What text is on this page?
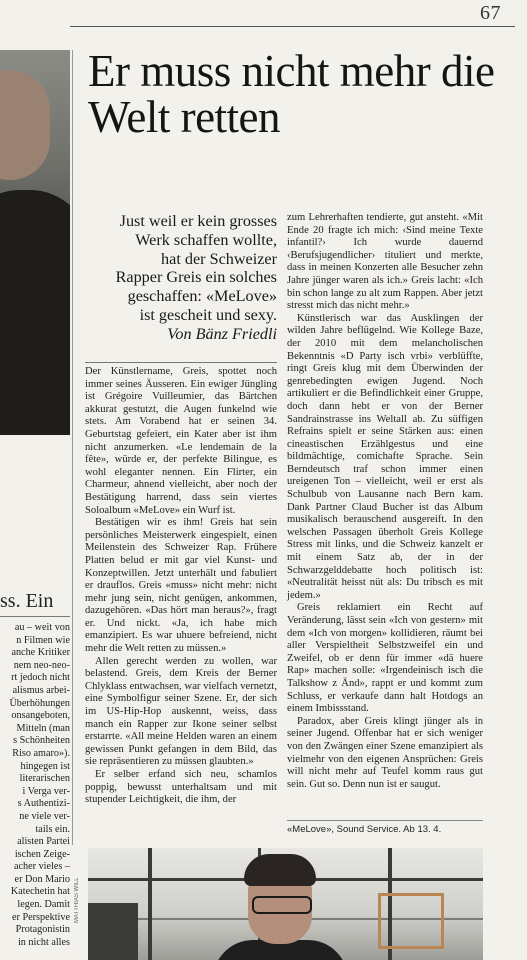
67
ss. Ein
au – weit von
n Filmen wie
anche Kritiker
nem neo-neo-
rt jedoch nicht
alismus arbei-
Überhöhungen
onsangeboten,
Mitteln (man
s Schönheiten
Riso amaro»).
hingegen ist
literarischen
i Verga ver-
s Authentizi-
ne viele ver-
tails ein.
alisten Partei
ischen Zeige-
acher vieles –
er Don Mario
Katechetin hat
legen. Damit
er Perspektive
Protagonistin
in nicht alles
Er muss nicht mehr die Welt retten
Just weil er kein grosses
Werk schaffen wollte,
hat der Schweizer
Rapper Greis ein solches
geschaffen: «MeLove»
ist gescheit und sexy.
Von Bänz Friedli

Der Künstlername, Greis, spottet noch immer seines Äusseren. Ein ewiger Jüngling ist Grégoire Vuilleumier, das Bärtchen akkurat gestutzt, die Augen funkelnd wie stets. Am Vorabend hat er seinen 34. Geburtstag gefeiert, ein Kater aber ist ihm nicht anzumerken. «Le lendemain de la fête», würde er, der perfekte Bilingue, es wohl eleganter nennen. Ein Flirter, ein Charmeur, ahnend vielleicht, aber noch der Bestätigung harrend, dass sein viertes Soloalbum «MeLove» ein Wurf ist.

Bestätigen wir es ihm! Greis hat sein persönliches Meisterwerk eingespielt, einen Meilenstein des Schweizer Rap. Frühere Platten belud er mit gar viel Kunst- und Konzeptwillen. Jetzt unterhält und fabuliert er drauflos. Greis «muss» nicht mehr: nicht mehr jung sein, nicht genügen, ankommen, dazugehören. «Das hört man heraus?», fragt er. Und nickt. «Ja, ich habe mich emanzipiert. Es war uhuere befreiend, nicht mehr die Welt retten zu müssen.»

Allen gerecht werden zu wollen, war belastend. Greis, dem Kreis der Berner Chlyklass entwachsen, war vielfach vernetzt, eine Symbolfigur seiner Szene. Er, der sich im US-Hip-Hop auskennt, weiss, dass manch ein Rapper zur Ikone seiner selbst erstarrte. «All meine Helden waren an einem gewissen Punkt gefangen in dem Bild, das sie repräsentieren zu müssen glaubten.»

Er selber erfand sich neu, schamlos poppig, bewusst unterhaltsam und mit stupender Leichtigkeit, die ihm, der

zum Lehrerhaften tendierte, gut ansteht. «Mit Ende 20 fragte ich mich: ‹Sind meine Texte infantil?› Ich wurde dauernd ‹Berufsjugendlicher› tituliert und merkte, dass in meinen Konzerten alle Besucher zehn Jahre jünger waren als ich.» Greis lacht: «Ich bin schon lange zu alt zum Rappen. Aber jetzt stresst mich das nicht mehr.»

Künstlerisch war das Ausklingen der wilden Jahre beflügelnd. Wie Kollege Baze, der 2010 mit dem melancholischen Bekenntnis «D Party isch vrbi» verblüffte, ringt Greis klug mit dem Überwinden der genrebedingten ewigen Jugend. Noch artikuliert er die Befindlichkeit einer Gruppe, doch dann hebt er von der Berner Sandrainstrasse ins Weltall ab. Zu süffigen Refrains spielt er seine Stärken aus: einen cineastischen Erzählgestus und eine bildmächtige, comichafte Sprache. Sein Berndeutsch traf schon immer einen ureigenen Ton – vielleicht, weil er erst als Schulbub von Lausanne nach Bern kam. Dank Partner Claud Bucher ist das Album musikalisch berauschend ausgereift. In den welschen Passagen überholt Greis Kollege Stress mit links, und die Schweiz kanzelt er mit einem Satz ab, der in der Schwarzgelddebatte hoch politisch ist: «Neutralität heisst nüt als: Du tribsch es mit jedem.»

Greis reklamiert ein Recht auf Veränderung, lässt sein «Ich von gestern» mit dem «Ich von morgen» kollidieren, räumt bei aller Verspieltheit Selbstzweifel ein und Zweifel, ob er denn für immer «dä huere Rap» machen solle: «Irgendeinisch isch die Talkshow z Änd», rappt er und kommt zum Schluss, er verkaufe dann halt Hotdogs an einem Imbissstand.

Paradox, aber Greis klingt jünger als in seiner Jugend. Offenbar hat er sich weniger von den Zwängen einer Szene emanzipiert als vielmehr von den eigenen Ansprüchen: Greis will nicht mehr auf Teufel komm raus gut sein. Gut so. Denn nun ist er saugut.

«MeLove», Sound Service. Ab 13. 4.
MATTHIAS WILL
